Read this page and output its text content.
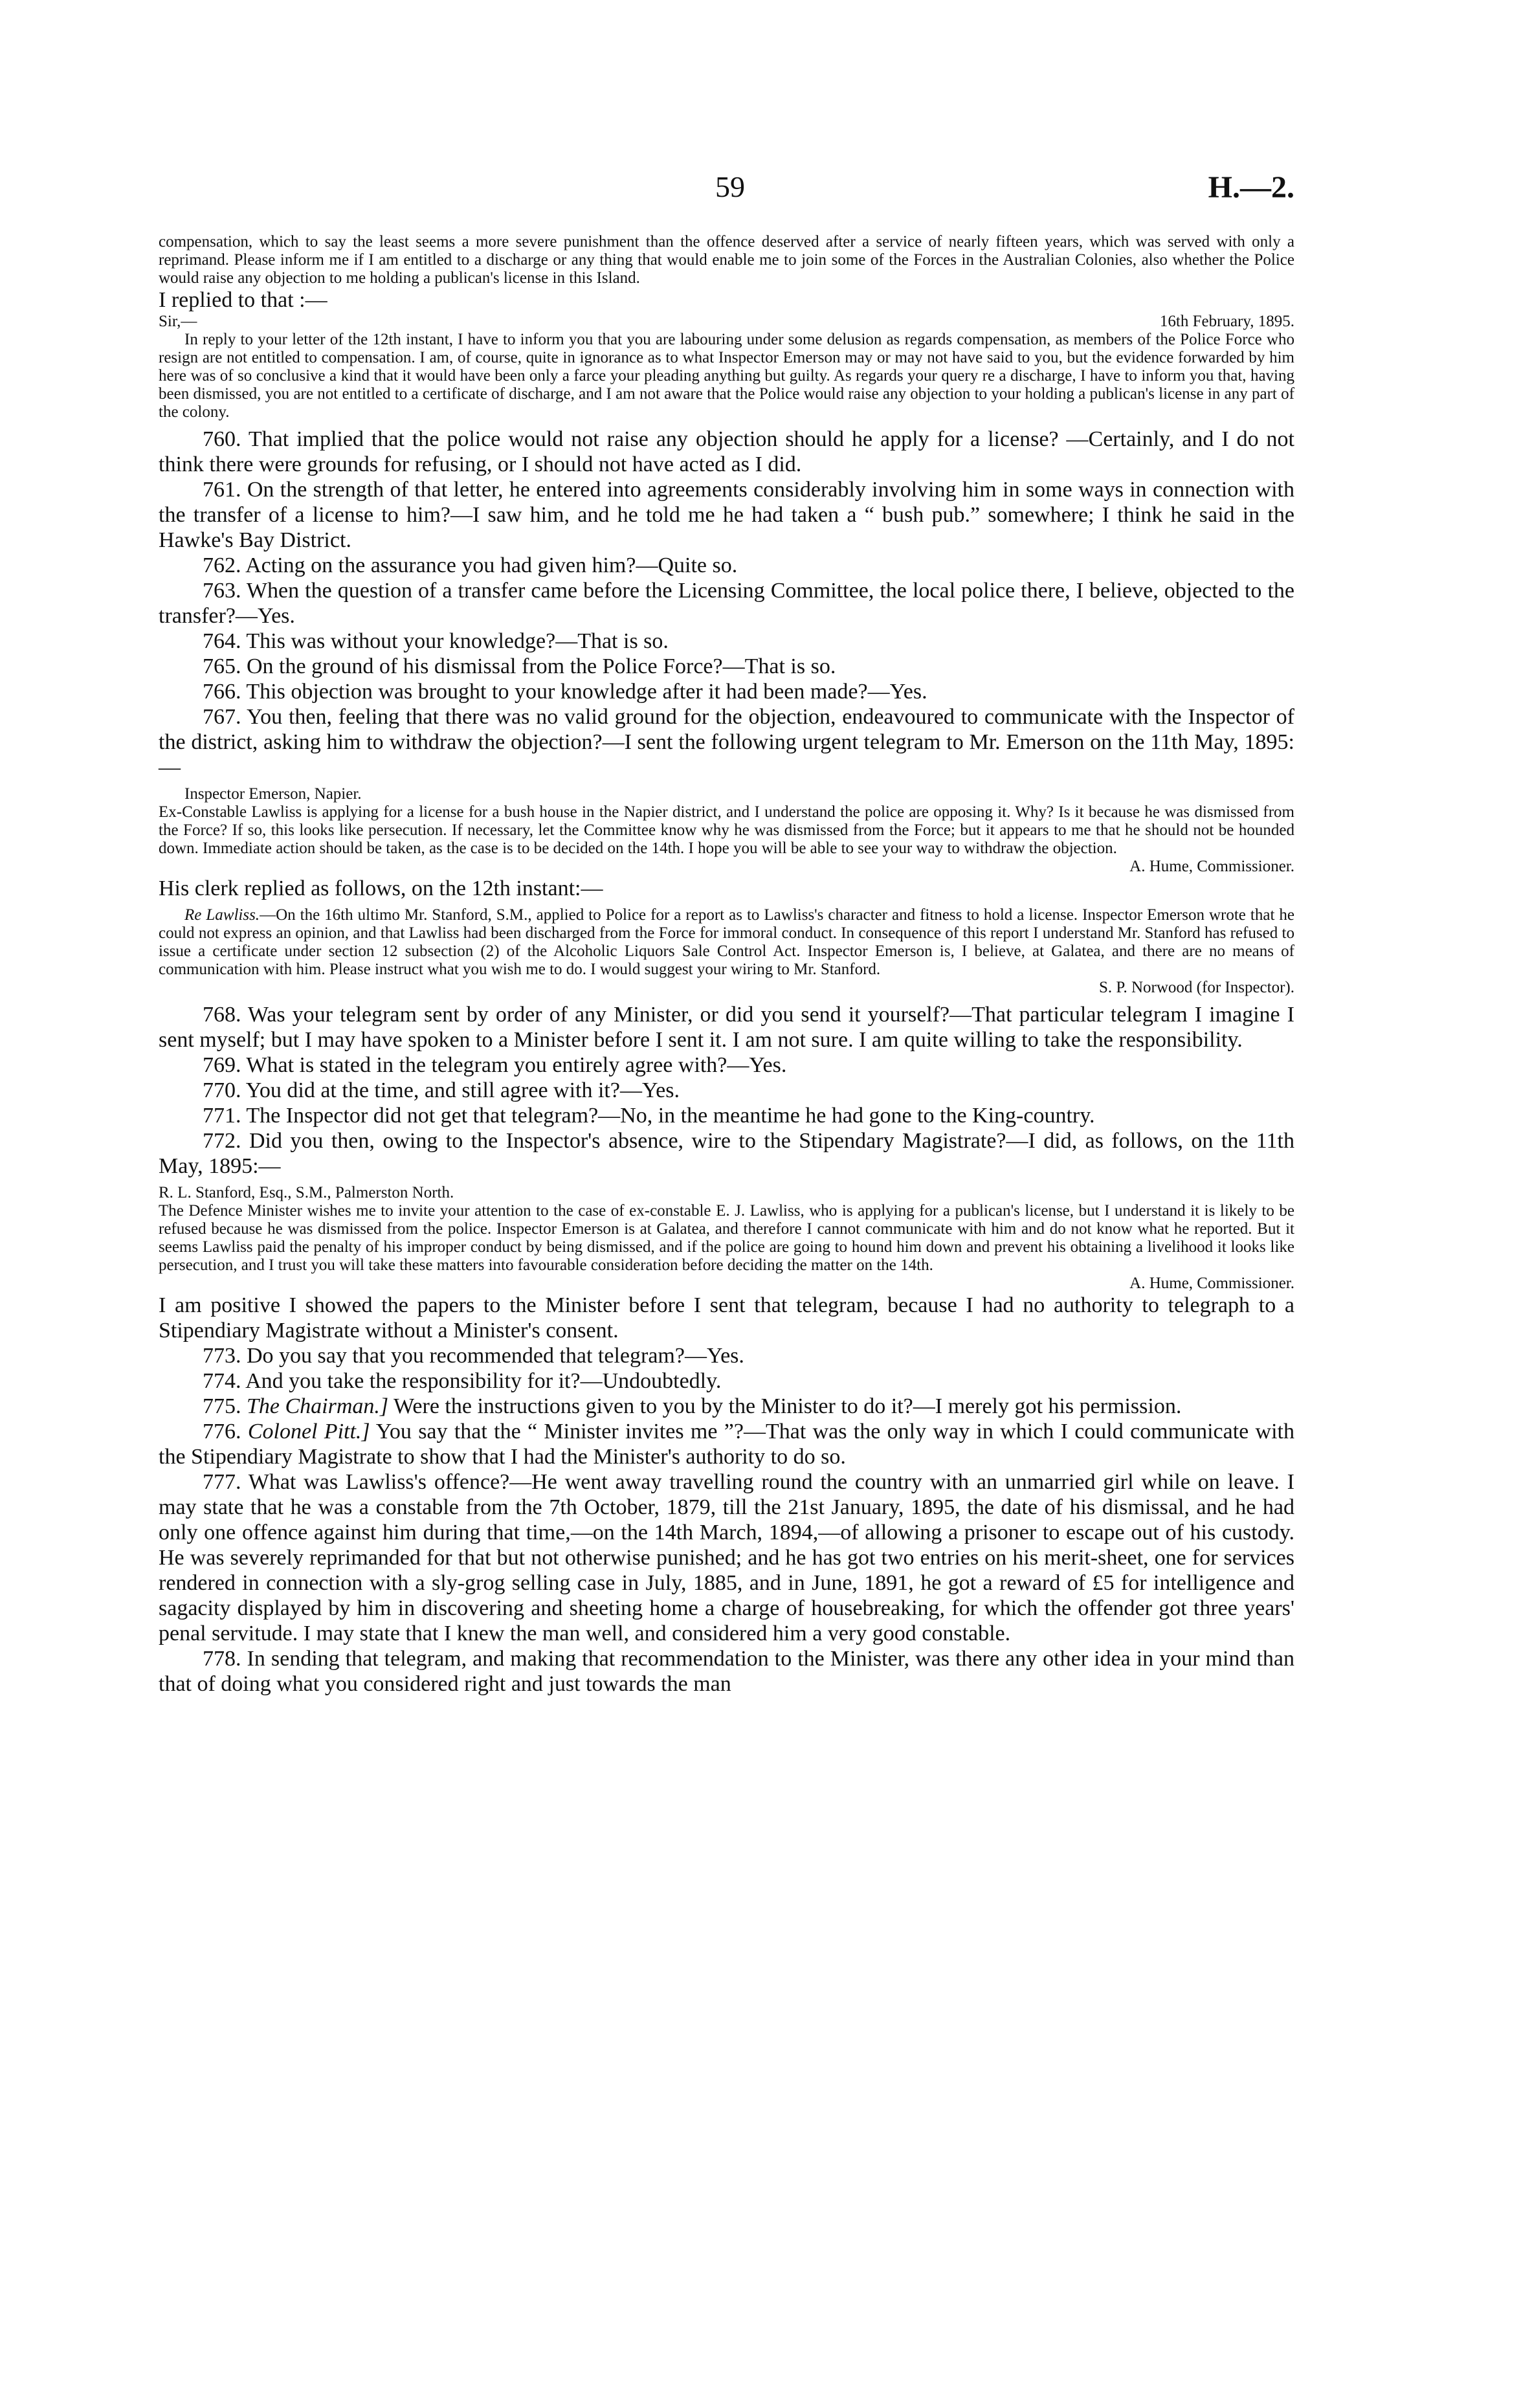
59	H.—2.

compensation, which to say the least seems a more severe punishment than the offence deserved after a service of nearly fifteen years, which was served with only a reprimand. Please inform me if I am entitled to a discharge or any thing that would enable me to join some of the Forces in the Australian Colonies, also whether the Police would raise any objection to me holding a publican's license in this Island.

I replied to that :—

Sir,—	16th February, 1895.

In reply to your letter of the 12th instant, I have to inform you that you are labouring under some delusion as regards compensation, as members of the Police Force who resign are not entitled to compensation. I am, of course, quite in ignorance as to what Inspector Emerson may or may not have said to you, but the evidence forwarded by him here was of so conclusive a kind that it would have been only a farce your pleading anything but guilty. As regards your query re a discharge, I have to inform you that, having been dismissed, you are not entitled to a certificate of discharge, and I am not aware that the Police would raise any objection to your holding a publican's license in any part of the colony.

760. That implied that the police would not raise any objection should he apply for a license? —Certainly, and I do not think there were grounds for refusing, or I should not have acted as I did.

761. On the strength of that letter, he entered into agreements considerably involving him in some ways in connection with the transfer of a license to him?—I saw him, and he told me he had taken a “ bush pub.” somewhere; I think he said in the Hawke's Bay District.

762. Acting on the assurance you had given him?—Quite so.

763. When the question of a transfer came before the Licensing Committee, the local police there, I believe, objected to the transfer?—Yes.

764. This was without your knowledge?—That is so.

765. On the ground of his dismissal from the Police Force?—That is so.

766. This objection was brought to your knowledge after it had been made?—Yes.

767. You then, feeling that there was no valid ground for the objection, endeavoured to communicate with the Inspector of the district, asking him to withdraw the objection?—I sent the following urgent telegram to Mr. Emerson on the 11th May, 1895:—

Inspector Emerson, Napier.

Ex-Constable Lawliss is applying for a license for a bush house in the Napier district, and I understand the police are opposing it. Why? Is it because he was dismissed from the Force? If so, this looks like persecution. If necessary, let the Committee know why he was dismissed from the Force; but it appears to me that he should not be hounded down. Immediate action should be taken, as the case is to be decided on the 14th. I hope you will be able to see your way to withdraw the objection.

A. Hume, Commissioner.

His clerk replied as follows, on the 12th instant:—

Re Lawliss.—On the 16th ultimo Mr. Stanford, S.M., applied to Police for a report as to Lawliss's character and fitness to hold a license. Inspector Emerson wrote that he could not express an opinion, and that Lawliss had been discharged from the Force for immoral conduct. In consequence of this report I understand Mr. Stanford has refused to issue a certificate under section 12 subsection (2) of the Alcoholic Liquors Sale Control Act. Inspector Emerson is, I believe, at Galatea, and there are no means of communication with him. Please instruct what you wish me to do. I would suggest your wiring to Mr. Stanford.

S. P. Norwood (for Inspector).

768. Was your telegram sent by order of any Minister, or did you send it yourself?—That particular telegram I imagine I sent myself; but I may have spoken to a Minister before I sent it. I am not sure. I am quite willing to take the responsibility.

769. What is stated in the telegram you entirely agree with?—Yes.

770. You did at the time, and still agree with it?—Yes.

771. The Inspector did not get that telegram?—No, in the meantime he had gone to the King-country.

772. Did you then, owing to the Inspector's absence, wire to the Stipendary Magistrate?—I did, as follows, on the 11th May, 1895:—

R. L. Stanford, Esq., S.M., Palmerston North.

The Defence Minister wishes me to invite your attention to the case of ex-constable E. J. Lawliss, who is applying for a publican's license, but I understand it is likely to be refused because he was dismissed from the police. Inspector Emerson is at Galatea, and therefore I cannot communicate with him and do not know what he reported. But it seems Lawliss paid the penalty of his improper conduct by being dismissed, and if the police are going to hound him down and prevent his obtaining a livelihood it looks like persecution, and I trust you will take these matters into favourable consideration before deciding the matter on the 14th.

A. Hume, Commissioner.

I am positive I showed the papers to the Minister before I sent that telegram, because I had no authority to telegraph to a Stipendiary Magistrate without a Minister's consent.

773. Do you say that you recommended that telegram?—Yes.

774. And you take the responsibility for it?—Undoubtedly.

775. The Chairman.] Were the instructions given to you by the Minister to do it?—I merely got his permission.

776. Colonel Pitt.] You say that the “ Minister invites me ”?—That was the only way in which I could communicate with the Stipendiary Magistrate to show that I had the Minister's authority to do so.

777. What was Lawliss's offence?—He went away travelling round the country with an unmarried girl while on leave. I may state that he was a constable from the 7th October, 1879, till the 21st January, 1895, the date of his dismissal, and he had only one offence against him during that time,—on the 14th March, 1894,—of allowing a prisoner to escape out of his custody. He was severely reprimanded for that but not otherwise punished; and he has got two entries on his merit-sheet, one for services rendered in connection with a sly-grog selling case in July, 1885, and in June, 1891, he got a reward of £5 for intelligence and sagacity displayed by him in discovering and sheeting home a charge of housebreaking, for which the offender got three years' penal servitude. I may state that I knew the man well, and considered him a very good constable.

778. In sending that telegram, and making that recommendation to the Minister, was there any other idea in your mind than that of doing what you considered right and just towards the man
